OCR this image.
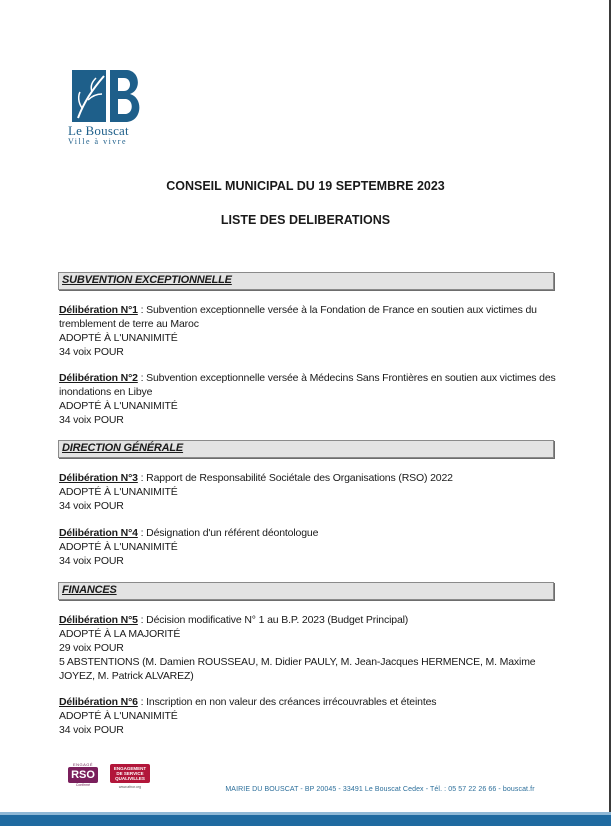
Le Bouscat
Ville à vivre
CONSEIL MUNICIPAL DU 19 SEPTEMBRE 2023
LISTE DES DELIBERATIONS
SUBVENTION EXCEPTIONNELLE
Délibération N°1 : Subvention exceptionnelle versée à la Fondation de France en soutien aux victimes du tremblement de terre au Maroc
ADOPTÉ À L'UNANIMITÉ
34 voix POUR
Délibération N°2 : Subvention exceptionnelle versée à Médecins Sans Frontières en soutien aux victimes des inondations en Libye
ADOPTÉ À L'UNANIMITÉ
34 voix POUR
DIRECTION GÉNÉRALE
Délibération N°3 : Rapport de Responsabilité Sociétale des Organisations (RSO) 2022
ADOPTÉ À L'UNANIMITÉ
34 voix POUR
Délibération N°4 : Désignation d'un référent déontologue
ADOPTÉ À L'UNANIMITÉ
34 voix POUR
FINANCES
Délibération N°5 : Décision modificative N° 1 au B.P. 2023 (Budget Principal)
ADOPTÉ À LA MAJORITÉ
29 voix POUR
5 ABSTENTIONS (M. Damien ROUSSEAU, M. Didier PAULY, M. Jean-Jacques HERMENCE, M. Maxime JOYEZ, M. Patrick ALVAREZ)
Délibération N°6 : Inscription en non valeur des créances irrécouvrables et éteintes
ADOPTÉ À L'UNANIMITÉ
34 voix POUR
ENGAGÉ
RSO
Confirmé
ENGAGEMENT DE SERVICE QUALIVILLES
www.afnor.org	MAIRIE DU BOUSCAT - BP 20045 - 33491 Le Bouscat Cedex - Tél. : 05 57 22 26 66 - bouscat.fr
